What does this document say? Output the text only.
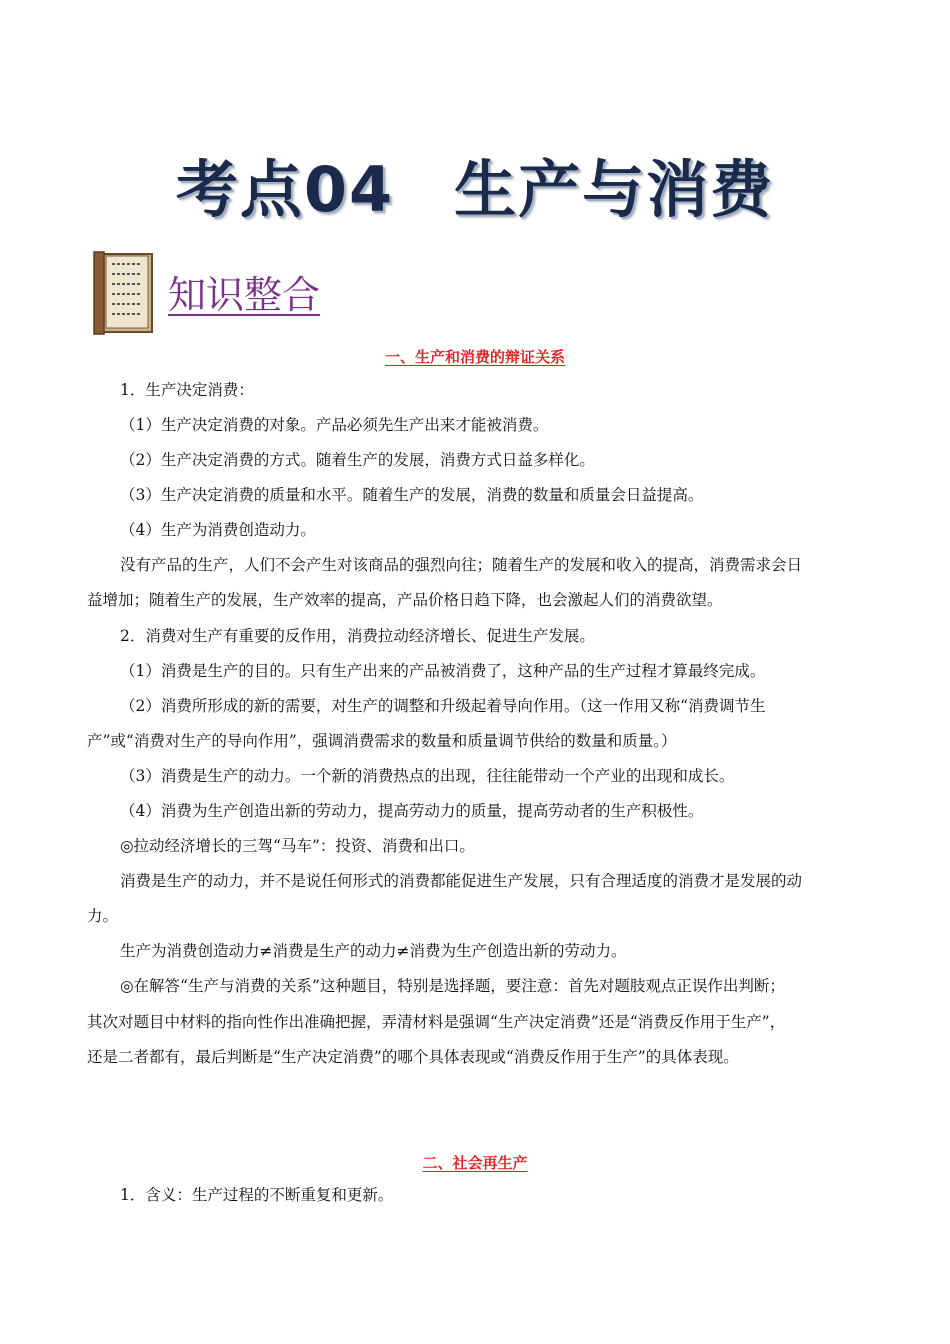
考点04 生产与消费
知识整合
一、生产和消费的辩证关系
1．生产决定消费：
（1）生产决定消费的对象。产品必须先生产出来才能被消费。
（2）生产决定消费的方式。随着生产的发展，消费方式日益多样化。
（3）生产决定消费的质量和水平。随着生产的发展，消费的数量和质量会日益提高。
（4）生产为消费创造动力。
没有产品的生产，人们不会产生对该商品的强烈向往；随着生产的发展和收入的提高，消费需求会日
益增加；随着生产的发展，生产效率的提高，产品价格日趋下降，也会激起人们的消费欲望。
2．消费对生产有重要的反作用，消费拉动经济增长、促进生产发展。
（1）消费是生产的目的。只有生产出来的产品被消费了，这种产品的生产过程才算最终完成。
（2）消费所形成的新的需要，对生产的调整和升级起着导向作用。（这一作用又称“消费调节生
产”或“消费对生产的导向作用”，强调消费需求的数量和质量调节供给的数量和质量。）
（3）消费是生产的动力。一个新的消费热点的出现，往往能带动一个产业的出现和成长。
（4）消费为生产创造出新的劳动力，提高劳动力的质量，提高劳动者的生产积极性。
◎拉动经济增长的三驾“马车”：投资、消费和出口。
消费是生产的动力，并不是说任何形式的消费都能促进生产发展，只有合理适度的消费才是发展的动
力。
生产为消费创造动力≠消费是生产的动力≠消费为生产创造出新的劳动力。
◎在解答“生产与消费的关系”这种题目，特别是选择题，要注意：首先对题肢观点正误作出判断；
其次对题目中材料的指向性作出准确把握，弄清材料是强调“生产决定消费”还是“消费反作用于生产”，
还是二者都有，最后判断是“生产决定消费”的哪个具体表现或“消费反作用于生产”的具体表现。
二、社会再生产
1．含义：生产过程的不断重复和更新。
